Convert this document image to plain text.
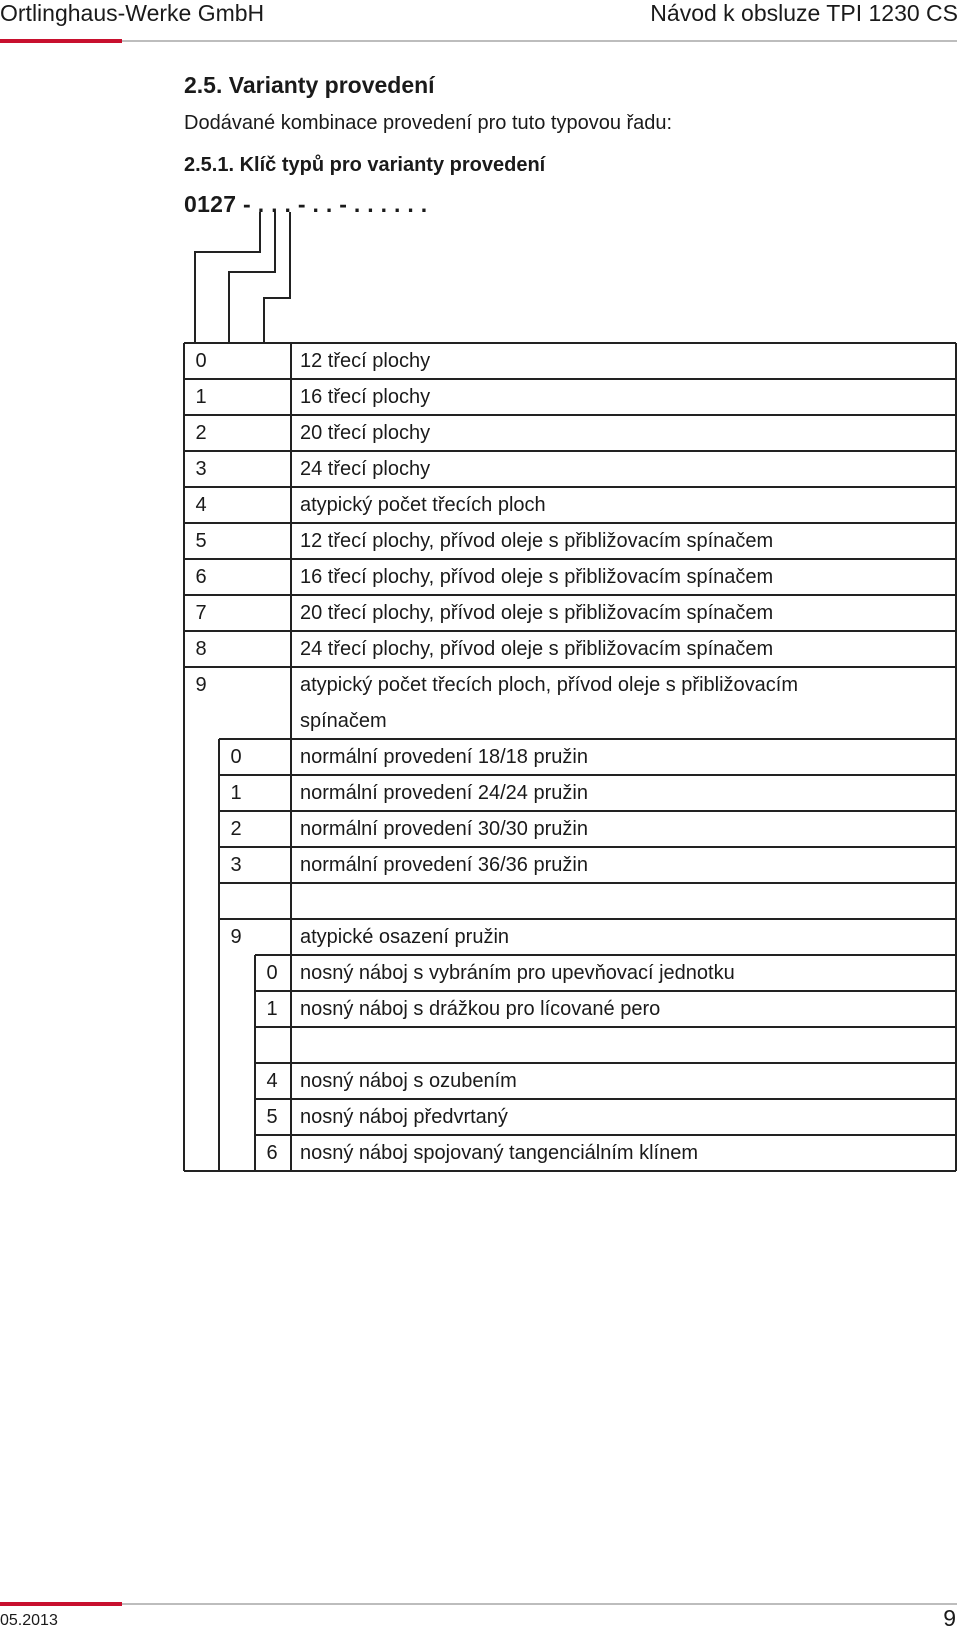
Ortlinghaus-Werke GmbH	Návod k obsluze TPI 1230 CS
2.5. Varianty provedení
Dodávané kombinace provedení pro tuto typovou řadu:
2.5.1. Klíč typů pro varianty provedení
0127 - . . . - . . - . . . . . .
0	12 třecí plochy
1	16 třecí plochy
2	20 třecí plochy
3	24 třecí plochy
4	atypický počet třecích ploch
5	12 třecí plochy, přívod oleje s přibližovacím spínačem
6	16 třecí plochy, přívod oleje s přibližovacím spínačem
7	20 třecí plochy, přívod oleje s přibližovacím spínačem
8	24 třecí plochy, přívod oleje s přibližovacím spínačem
9	atypický počet třecích ploch, přívod oleje s přibližovacím
spínačem
0	normální provedení 18/18 pružin
1	normální provedení 24/24 pružin
2	normální provedení 30/30 pružin
3	normální provedení 36/36 pružin
9	atypické osazení pružin
0	nosný náboj s vybráním pro upevňovací jednotku
1	nosný náboj s drážkou pro lícované pero
4	nosný náboj s ozubením
5	nosný náboj předvrtaný
6	nosný náboj spojovaný tangenciálním klínem
05.2013	9
